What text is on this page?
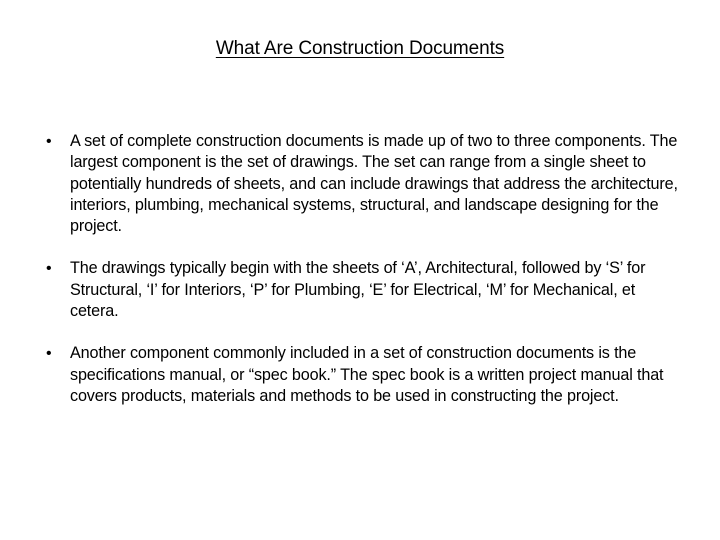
What Are Construction Documents
• A set of complete construction documents is made up of two to three components. The largest component is the set of drawings. The set can range from a single sheet to potentially hundreds of sheets, and can include drawings that address the architecture, interiors, plumbing, mechanical systems, structural, and landscape designing for the project.
• The drawings typically begin with the sheets of ‘A’, Architectural, followed by ‘S’ for Structural, ‘I’ for Interiors, ‘P’ for Plumbing, ‘E’ for Electrical, ‘M’ for Mechanical, et cetera.
• Another component commonly included in a set of construction documents is the specifications manual, or “spec book.” The spec book is a written project manual that covers products, materials and methods to be used in constructing the project.
